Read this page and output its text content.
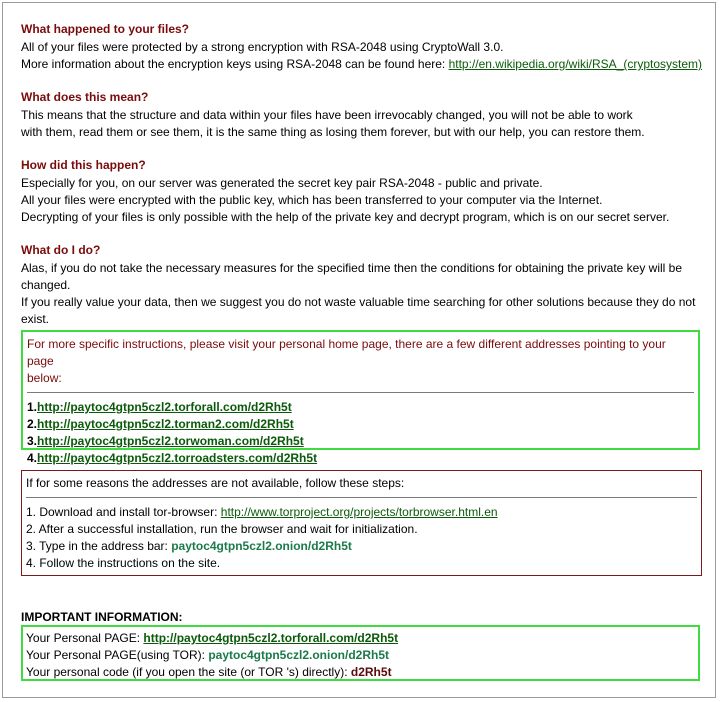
What happened to your files?
All of your files were protected by a strong encryption with RSA-2048 using CryptoWall 3.0.
More information about the encryption keys using RSA-2048 can be found here: http://en.wikipedia.org/wiki/RSA_(cryptosystem)
What does this mean?
This means that the structure and data within your files have been irrevocably changed, you will not be able to work
with them, read them or see them, it is the same thing as losing them forever, but with our help, you can restore them.
How did this happen?
Especially for you, on our server was generated the secret key pair RSA-2048 - public and private.
All your files were encrypted with the public key, which has been transferred to your computer via the Internet.
Decrypting of your files is only possible with the help of the private key and decrypt program, which is on our secret server.
What do I do?
Alas, if you do not take the necessary measures for the specified time then the conditions for obtaining the private key will be
changed.
If you really value your data, then we suggest you do not waste valuable time searching for other solutions because they do not exist.
For more specific instructions, please visit your personal home page, there are a few different addresses pointing to your page
below:
1.http://paytoc4gtpn5czl2.torforall.com/d2Rh5t
2.http://paytoc4gtpn5czl2.torman2.com/d2Rh5t
3.http://paytoc4gtpn5czl2.torwoman.com/d2Rh5t
4.http://paytoc4gtpn5czl2.torroadsters.com/d2Rh5t
If for some reasons the addresses are not available, follow these steps:
1. Download and install tor-browser: http://www.torproject.org/projects/torbrowser.html.en
2. After a successful installation, run the browser and wait for initialization.
3. Type in the address bar: paytoc4gtpn5czl2.onion/d2Rh5t
4. Follow the instructions on the site.
IMPORTANT INFORMATION:
Your Personal PAGE: http://paytoc4gtpn5czl2.torforall.com/d2Rh5t
Your Personal PAGE(using TOR): paytoc4gtpn5czl2.onion/d2Rh5t
Your personal code (if you open the site (or TOR 's) directly): d2Rh5t
